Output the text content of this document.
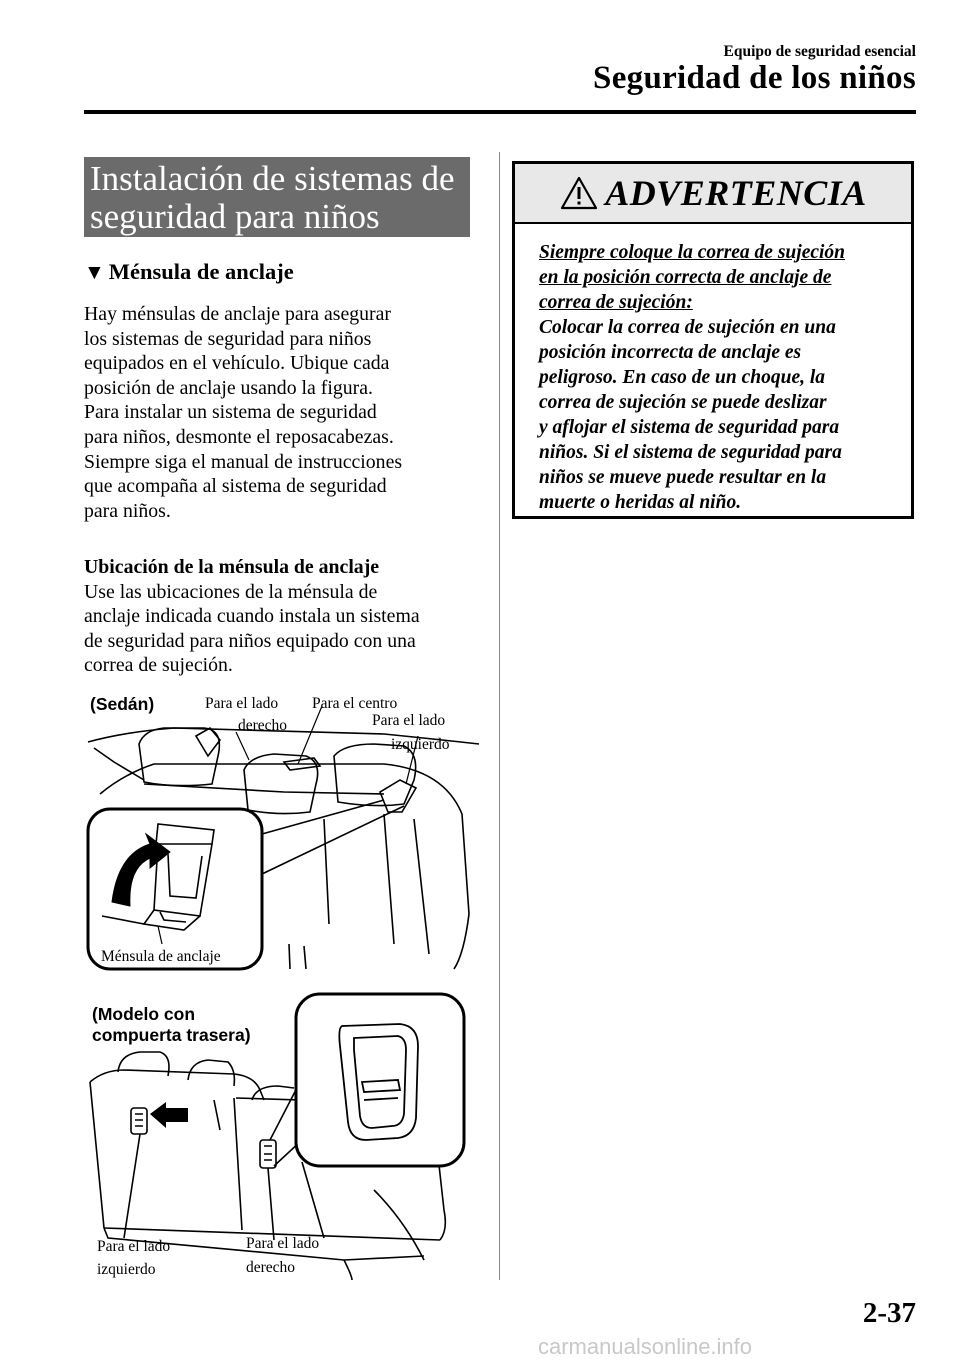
Equipo de seguridad esencial
Seguridad de los niños
Instalación de sistemas de
seguridad para niños
▼ Ménsula de anclaje
Hay ménsulas de anclaje para asegurar
los sistemas de seguridad para niños
equipados en el vehículo. Ubique cada
posición de anclaje usando la figura.
Para instalar un sistema de seguridad
para niños, desmonte el reposacabezas.
Siempre siga el manual de instrucciones
que acompaña al sistema de seguridad
para niños.
Ubicación de la ménsula de anclaje
Use las ubicaciones de la ménsula de
anclaje indicada cuando instala un sistema
de seguridad para niños equipado con una
correa de sujeción.
(Sedán)	Para el lado
derecho
Para el centro
Para el lado
izquierdo
Ménsula de anclaje
(Modelo con
compuerta trasera)
Para el lado
izquierdo
Para el lado
derecho
ADVERTENCIA
Siempre coloque la correa de sujeción
en la posición correcta de anclaje de
correa de sujeción:
Colocar la correa de sujeción en una
posición incorrecta de anclaje es
peligroso. En caso de un choque, la
correa de sujeción se puede deslizar
y aflojar el sistema de seguridad para
niños. Si el sistema de seguridad para
niños se mueve puede resultar en la
muerte o heridas al niño.
2-37
carmanualsonline.info
